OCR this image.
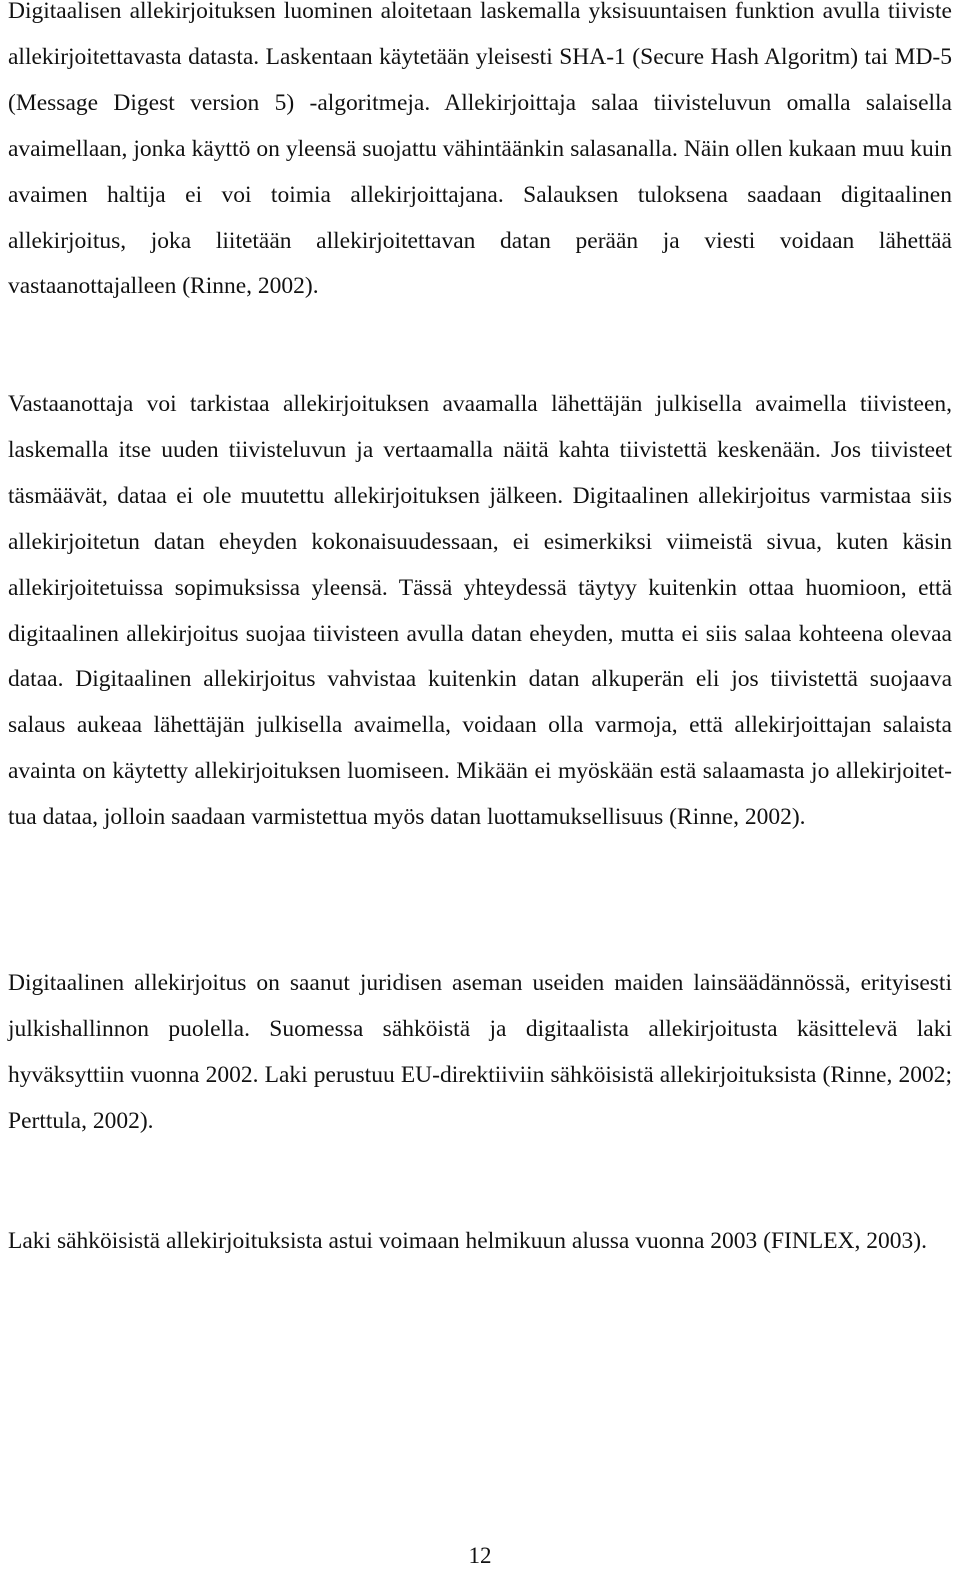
Digitaalisen allekirjoituksen luominen aloitetaan laskemalla yksisuuntaisen funktion avulla tiiviste allekirjoitettavasta datasta. Laskentaan käytetään yleisesti SHA-1 (Secure Hash Algoritm) tai MD-5 (Message Digest version 5) -algoritmeja. Allekirjoittaja salaa tiivisteluvun omalla salaisella avaimellaan, jonka käyttö on yleensä suojattu vähintäänkin salasanalla. Näin ollen kukaan muu kuin avaimen haltija ei voi toimia allekirjoittajana. Salauksen tuloksena saadaan digitaalinen allekirjoitus, joka liitetään allekirjoitettavan datan perään ja viesti voidaan lähettää vastaanottajalleen (Rinne, 2002).

Vastaanottaja voi tarkistaa allekirjoituksen avaamalla lähettäjän julkisella avaimella tiivisteen, laskemalla itse uuden tiivisteluvun ja vertaamalla näitä kahta tiivistettä keskenään. Jos tiivisteet täsmäävät, dataa ei ole muutettu allekirjoituksen jälkeen. Digitaalinen allekirjoitus varmistaa siis allekirjoitetun datan eheyden kokonaisuudessaan, ei esimerkiksi viimeistä sivua, kuten käsin allekirjoitetuissa sopimuksissa yleensä. Tässä yhteydessä täytyy kuitenkin ottaa huomioon, että digitaalinen allekirjoitus suojaa tiivisteen avulla datan eheyden, mutta ei siis salaa kohteena olevaa dataa. Digitaalinen allekirjoitus vahvistaa kuitenkin datan alkuperän eli jos tiivistettä suojaava salaus aukeaa lähettäjän julkisella avaimella, voidaan olla varmoja, että allekirjoittajan salaista avainta on käytetty allekirjoituksen luomiseen. Mikään ei myöskään estä salaamasta jo allekirjoitettua dataa, jolloin saadaan varmistettua myös datan luottamuksellisuus (Rinne, 2002).

Digitaalinen allekirjoitus on saanut juridisen aseman useiden maiden lainsäädännössä, erityisesti julkishallinnon puolella. Suomessa sähköistä ja digitaalista allekirjoitusta käsittelevä laki hyväksyttiin vuonna 2002. Laki perustuu EU-direktiiviin sähköisistä allekirjoituksista (Rinne, 2002; Perttula, 2002).

Laki sähköisistä allekirjoituksista astui voimaan helmikuun alussa vuonna 2003 (FINLEX, 2003).

12
